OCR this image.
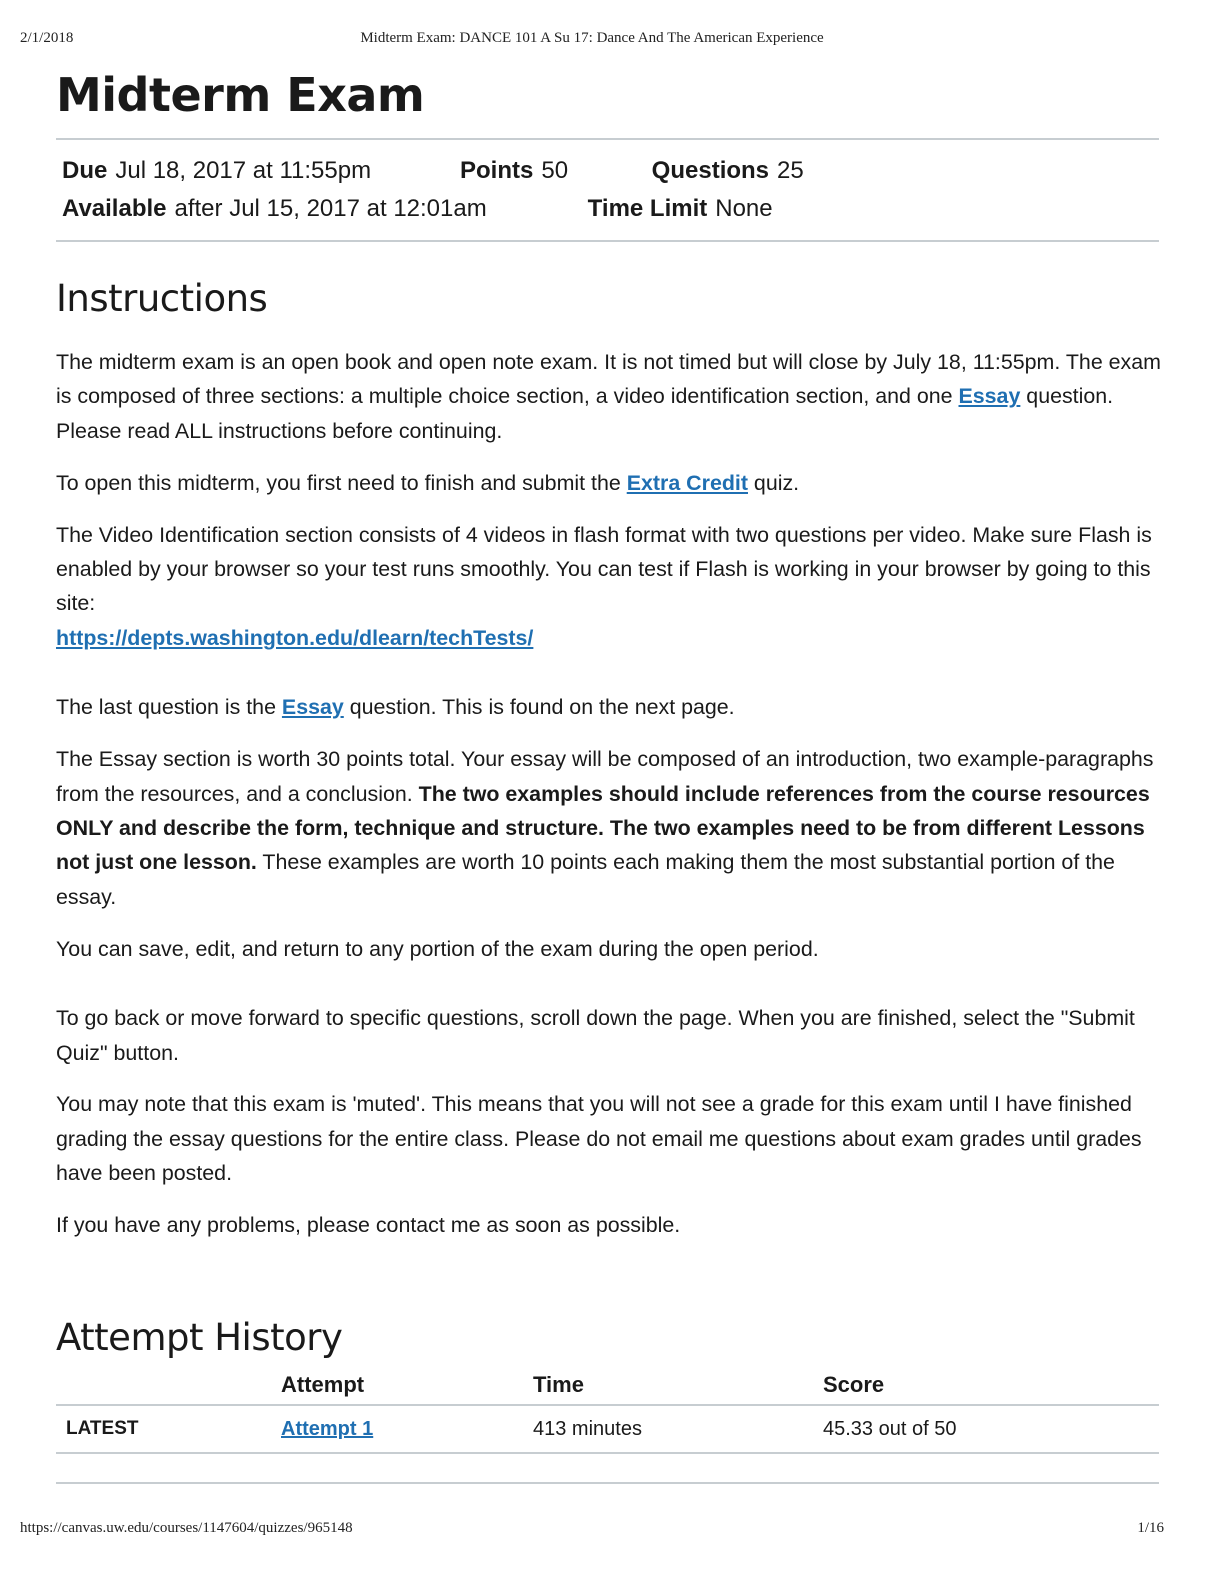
2/1/2018	Midterm Exam: DANCE 101 A Su 17: Dance And The American Experience
Midterm Exam
Due Jul 18, 2017 at 11:55pm	Points 50	Questions 25
Available after Jul 15, 2017 at 12:01am	Time Limit None
Instructions

The midterm exam is an open book and open note exam. It is not timed but will close by July 18, 11:55pm. The exam is composed of three sections: a multiple choice section, a video identification section, and one Essay question. Please read ALL instructions before continuing.

To open this midterm, you first need to finish and submit the Extra Credit quiz.

The Video Identification section consists of 4 videos in flash format with two questions per video. Make sure Flash is enabled by your browser so your test runs smoothly. You can test if Flash is working in your browser by going to this site:
https://depts.washington.edu/dlearn/techTests/

The last question is the Essay question. This is found on the next page.

The Essay section is worth 30 points total. Your essay will be composed of an introduction, two example-paragraphs from the resources, and a conclusion. The two examples should include references from the course resources ONLY and describe the form, technique and structure. The two examples need to be from different Lessons not just one lesson. These examples are worth 10 points each making them the most substantial portion of the essay.

You can save, edit, and return to any portion of the exam during the open period.

To go back or move forward to specific questions, scroll down the page. When you are finished, select the "Submit Quiz" button.

You may note that this exam is 'muted'. This means that you will not see a grade for this exam until I have finished grading the essay questions for the entire class. Please do not email me questions about exam grades until grades have been posted.

If you have any problems, please contact me as soon as possible.

Attempt History
	Attempt	Time	Score
LATEST	Attempt 1	413 minutes	45.33 out of 50
https://canvas.uw.edu/courses/1147604/quizzes/965148	1/16
